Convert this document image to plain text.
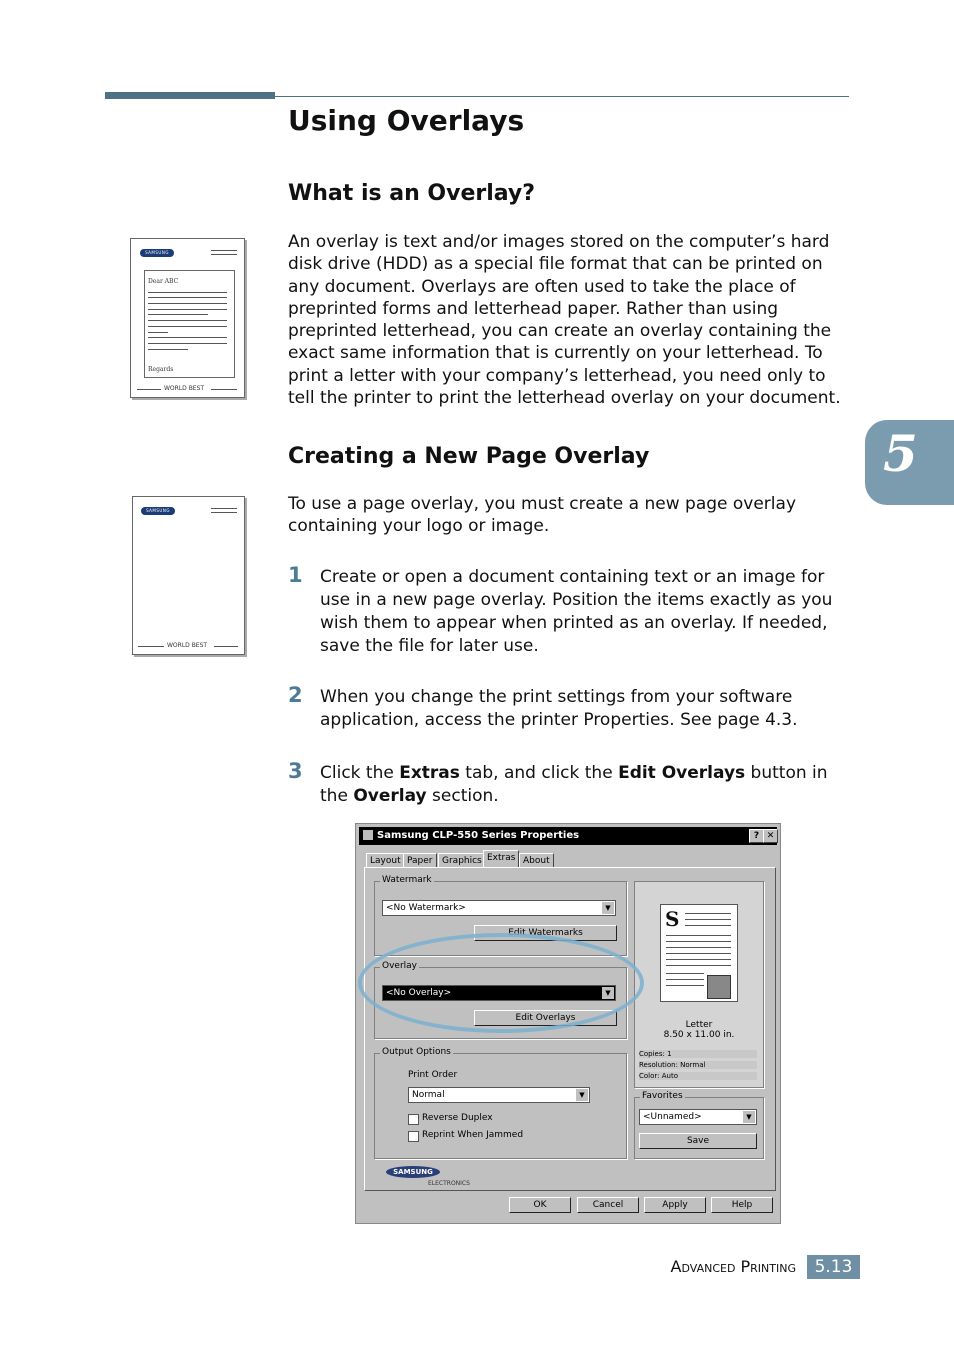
Using Overlays
What is an Overlay?
An overlay is text and/or images stored on the computer’s hard disk drive (HDD) as a special file format that can be printed on any document. Overlays are often used to take the place of preprinted forms and letterhead paper. Rather than using preprinted letterhead, you can create an overlay containing the exact same information that is currently on your letterhead. To print a letter with your company’s letterhead, you need only to tell the printer to print the letterhead overlay on your document.
SAMSUNG
Dear ABC
Regards
WORLD BEST
5
Creating a New Page Overlay
To use a page overlay, you must create a new page overlay containing your logo or image.
SAMSUNG
WORLD BEST
1 Create or open a document containing text or an image for use in a new page overlay. Position the items exactly as you wish them to appear when printed as an overlay. If needed, save the file for later use.
2 When you change the print settings from your software application, access the printer Properties. See page 4.3.
3 Click the Extras tab, and click the Edit Overlays button in the Overlay section.
Samsung CLP-550 Series Properties	? ✕
Layout Paper	Graphics Extras About
Watermark
<No Watermark>	▼
Edit Watermarks
Overlay
<No Overlay>	▼
Edit Overlays
Output Options
Print Order
Normal	▼
Reverse Duplex
Reprint When Jammed
S
Letter
8.50 x 11.00 in.
Copies: 1
Resolution: Normal
Color: Auto
Favorites
<Unnamed>	▼
Save
SAMSUNG
ELECTRONICS
OK	Cancel	Apply	Help
Advanced Printing	5.13
